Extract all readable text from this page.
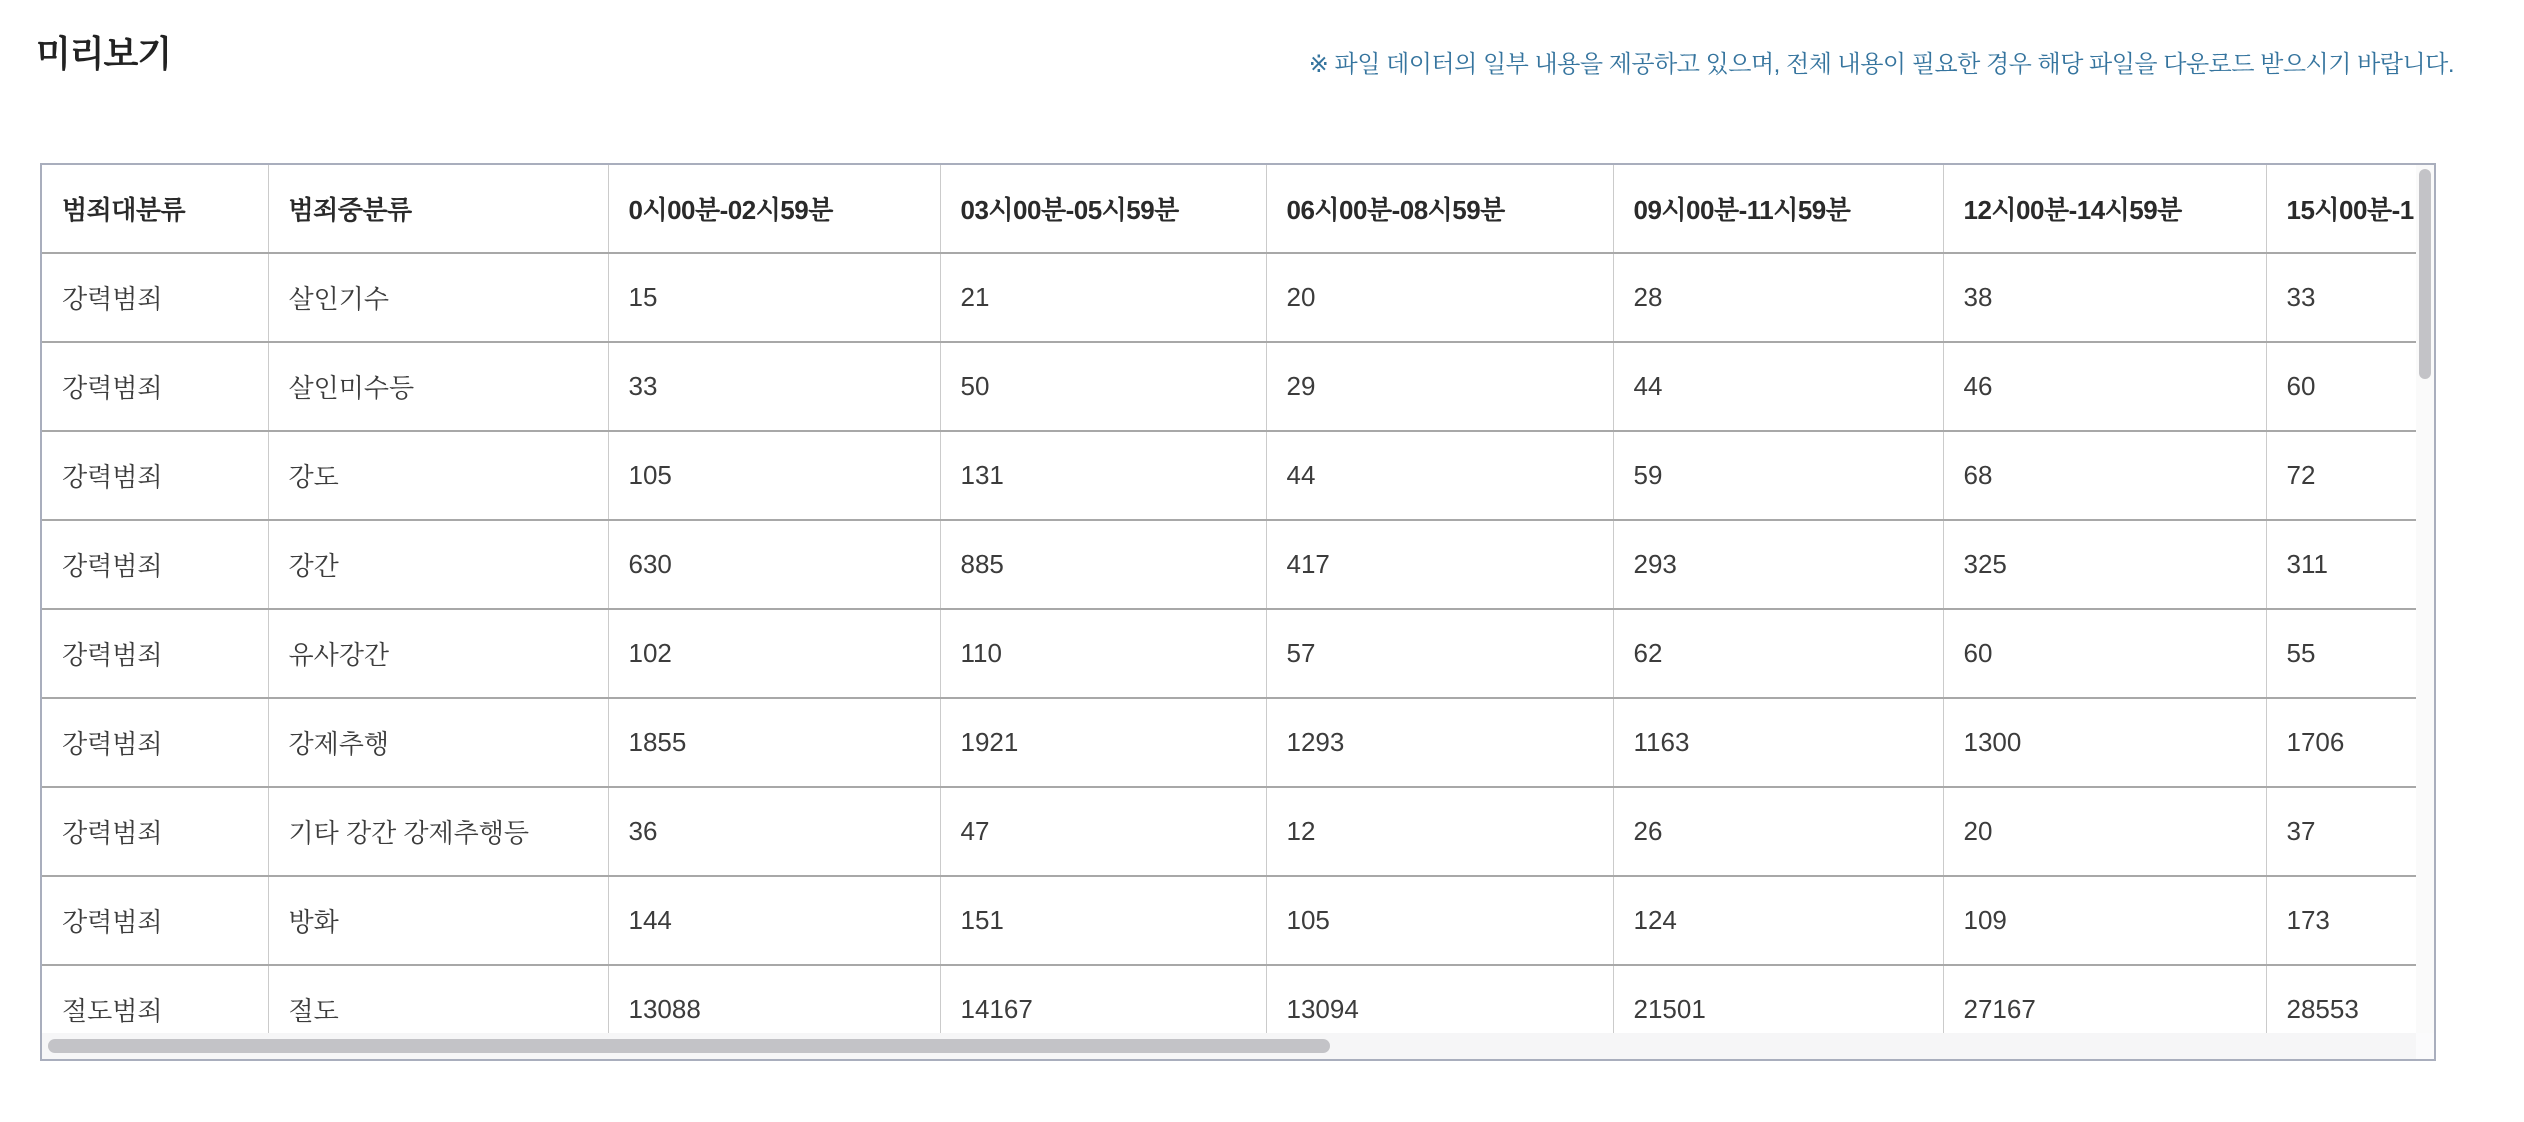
미리보기	※ 파일 데이터의 일부 내용을 제공하고 있으며, 전체 내용이 필요한 경우 해당 파일을 다운로드 받으시기 바랍니다.
범죄대분류	범죄중분류	0시00분-02시59분	03시00분-05시59분	06시00분-08시59분	09시00분-11시59분	12시00분-14시59분	15시00분-1
강력범죄	살인기수	15	21	20	28	38	33
강력범죄	살인미수등	33	50	29	44	46	60
강력범죄	강도	105	131	44	59	68	72
강력범죄	강간	630	885	417	293	325	311
강력범죄	유사강간	102	110	57	62	60	55
강력범죄	강제추행	1855	1921	1293	1163	1300	1706
강력범죄	기타 강간 강제추행등	36	47	12	26	20	37
강력범죄	방화	144	151	105	124	109	173
절도범죄	절도	13088	14167	13094	21501	27167	28553
